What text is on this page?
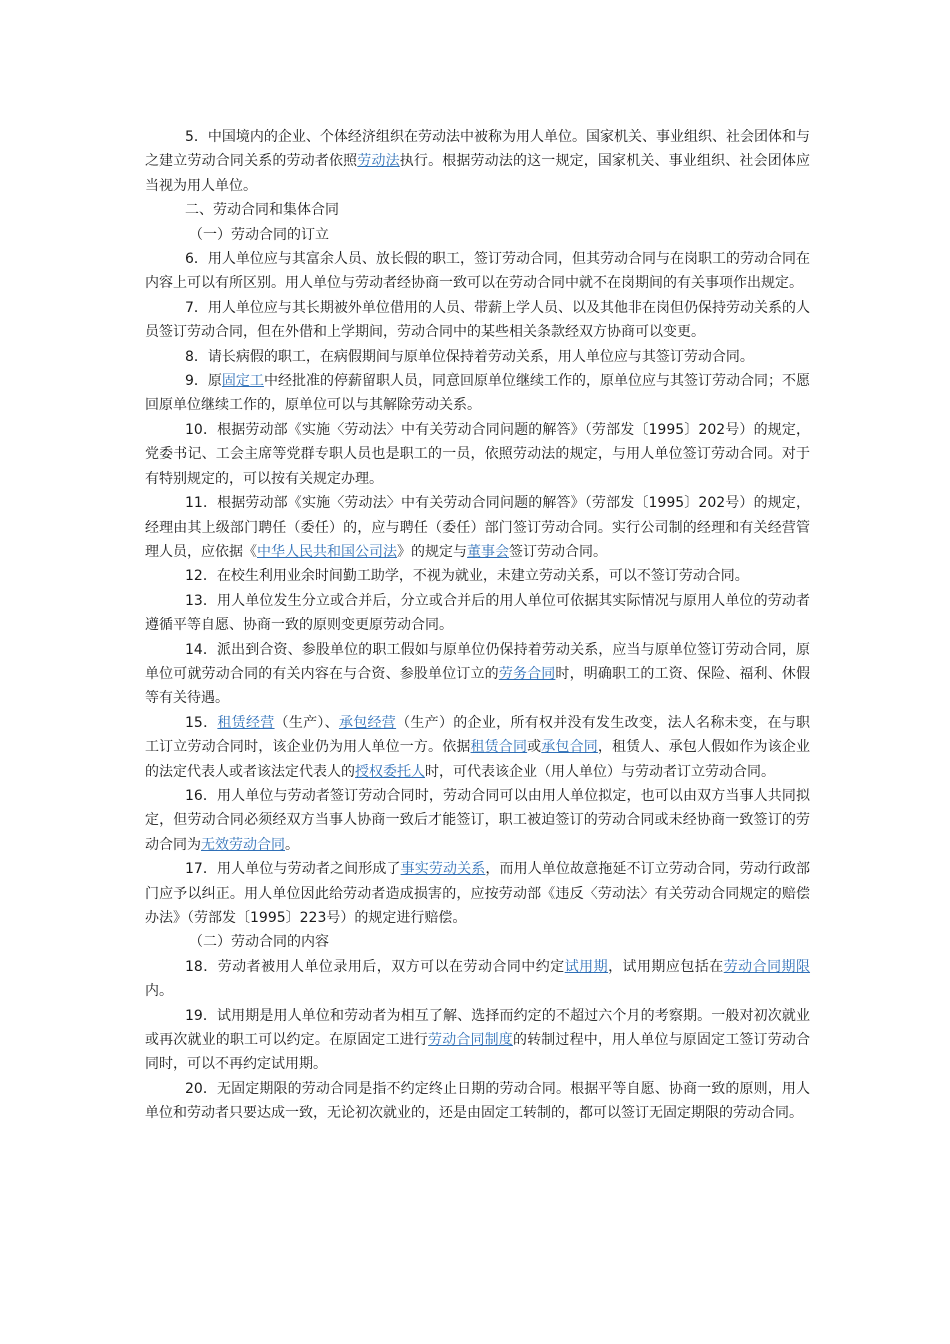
5．中国境内的企业、个体经济组织在劳动法中被称为用人单位。国家机关、事业组织、社会团体和与之建立劳动合同关系的劳动者依照劳动法执行。根据劳动法的这一规定，国家机关、事业组织、社会团体应当视为用人单位。

二、劳动合同和集体合同

（一）劳动合同的订立

6．用人单位应与其富余人员、放长假的职工，签订劳动合同，但其劳动合同与在岗职工的劳动合同在内容上可以有所区别。用人单位与劳动者经协商一致可以在劳动合同中就不在岗期间的有关事项作出规定。

7．用人单位应与其长期被外单位借用的人员、带薪上学人员、以及其他非在岗但仍保持劳动关系的人员签订劳动合同，但在外借和上学期间，劳动合同中的某些相关条款经双方协商可以变更。

8．请长病假的职工，在病假期间与原单位保持着劳动关系，用人单位应与其签订劳动合同。

9．原固定工中经批准的停薪留职人员，同意回原单位继续工作的，原单位应与其签订劳动合同；不愿回原单位继续工作的，原单位可以与其解除劳动关系。

10．根据劳动部《实施〈劳动法〉中有关劳动合同问题的解答》（劳部发〔1995〕202号）的规定，党委书记、工会主席等党群专职人员也是职工的一员，依照劳动法的规定，与用人单位签订劳动合同。对于有特别规定的，可以按有关规定办理。

11．根据劳动部《实施〈劳动法〉中有关劳动合同问题的解答》（劳部发〔1995〕202号）的规定，经理由其上级部门聘任（委任）的，应与聘任（委任）部门签订劳动合同。实行公司制的经理和有关经营管理人员，应依据《中华人民共和国公司法》的规定与董事会签订劳动合同。

12．在校生利用业余时间勤工助学，不视为就业，未建立劳动关系，可以不签订劳动合同。

13．用人单位发生分立或合并后，分立或合并后的用人单位可依据其实际情况与原用人单位的劳动者遵循平等自愿、协商一致的原则变更原劳动合同。

14．派出到合资、参股单位的职工假如与原单位仍保持着劳动关系，应当与原单位签订劳动合同，原单位可就劳动合同的有关内容在与合资、参股单位订立的劳务合同时，明确职工的工资、保险、福利、休假等有关待遇。

15．租赁经营（生产）、承包经营（生产）的企业，所有权并没有发生改变，法人名称未变，在与职工订立劳动合同时，该企业仍为用人单位一方。依据租赁合同或承包合同，租赁人、承包人假如作为该企业的法定代表人或者该法定代表人的授权委托人时，可代表该企业（用人单位）与劳动者订立劳动合同。

16．用人单位与劳动者签订劳动合同时，劳动合同可以由用人单位拟定，也可以由双方当事人共同拟定，但劳动合同必须经双方当事人协商一致后才能签订，职工被迫签订的劳动合同或未经协商一致签订的劳动合同为无效劳动合同。

17．用人单位与劳动者之间形成了事实劳动关系，而用人单位故意拖延不订立劳动合同，劳动行政部门应予以纠正。用人单位因此给劳动者造成损害的，应按劳动部《违反〈劳动法〉有关劳动合同规定的赔偿办法》（劳部发〔1995〕223号）的规定进行赔偿。

（二）劳动合同的内容

18．劳动者被用人单位录用后，双方可以在劳动合同中约定试用期，试用期应包括在劳动合同期限内。

19．试用期是用人单位和劳动者为相互了解、选择而约定的不超过六个月的考察期。一般对初次就业或再次就业的职工可以约定。在原固定工进行劳动合同制度的转制过程中，用人单位与原固定工签订劳动合同时，可以不再约定试用期。

20．无固定期限的劳动合同是指不约定终止日期的劳动合同。根据平等自愿、协商一致的原则，用人单位和劳动者只要达成一致，无论初次就业的，还是由固定工转制的，都可以签订无固定期限的劳动合同。
